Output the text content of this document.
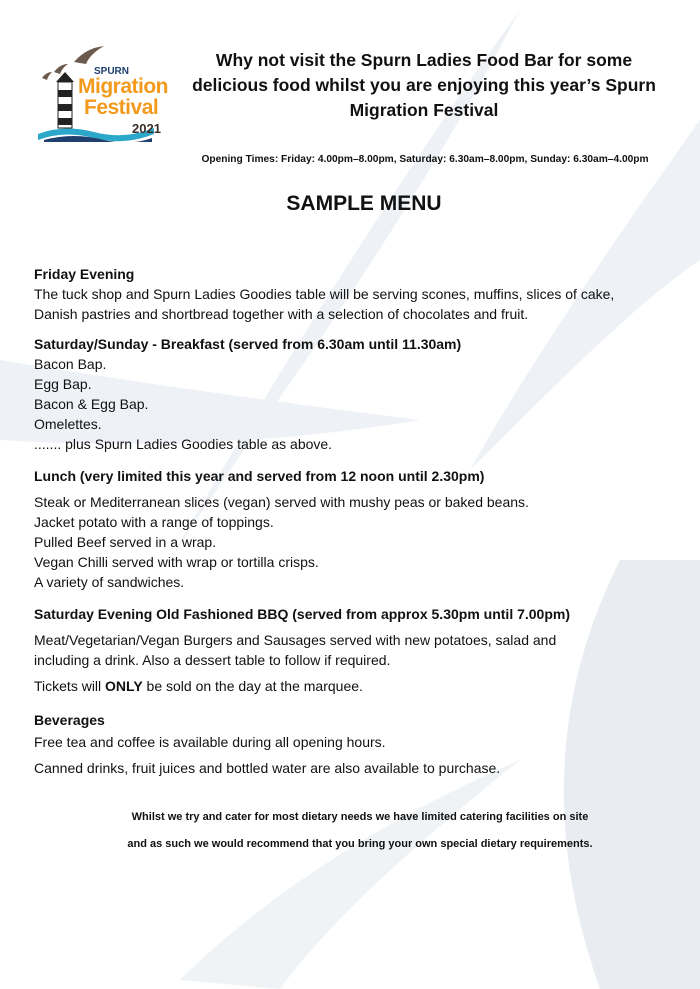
SPURN
Migration
Festival
2021
Why not visit the Spurn Ladies Food Bar for some
delicious food whilst you are enjoying this year’s Spurn
Migration Festival
Opening Times: Friday: 4.00pm–8.00pm, Saturday: 6.30am–8.00pm, Sunday: 6.30am–4.00pm
SAMPLE MENU
Friday Evening
The tuck shop and Spurn Ladies Goodies table will be serving scones, muffins, slices of cake,
Danish pastries and shortbread together with a selection of chocolates and fruit.
Saturday/Sunday - Breakfast (served from 6.30am until 11.30am)
Bacon Bap.
Egg Bap.
Bacon & Egg Bap.
Omelettes.
....... plus Spurn Ladies Goodies table as above.
Lunch (very limited this year and served from 12 noon until 2.30pm)
Steak or Mediterranean slices (vegan) served with mushy peas or baked beans.
Jacket potato with a range of toppings.
Pulled Beef served in a wrap.
Vegan Chilli served with wrap or tortilla crisps.
A variety of sandwiches.
Saturday Evening Old Fashioned BBQ (served from approx 5.30pm until 7.00pm)
Meat/Vegetarian/Vegan Burgers and Sausages served with new potatoes, salad and
including a drink. Also a dessert table to follow if required.
Tickets will ONLY be sold on the day at the marquee.
Beverages
Free tea and coffee is available during all opening hours.
Canned drinks, fruit juices and bottled water are also available to purchase.
Whilst we try and cater for most dietary needs we have limited catering facilities on site
and as such we would recommend that you bring your own special dietary requirements.
